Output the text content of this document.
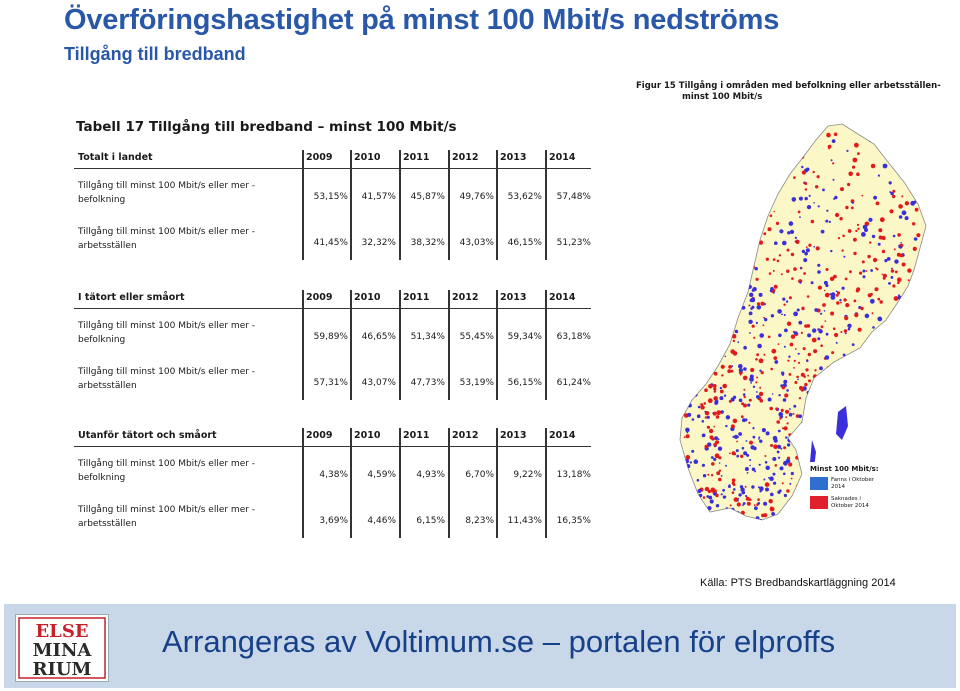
Överföringshastighet på minst 100 Mbit/s nedströms
Tillgång till bredband
Tabell 17 Tillgång till bredband – minst 100 Mbit/s
Totalt i landet	2009 2010 2011 2012 2013 2014
Tillgång till minst 100 Mbit/s eller mer -
befolkning	53,15%	41,57%	45,87%	49,76%	53,62%	57,48%
Tillgång till minst 100 Mbit/s eller mer -
arbetsställen	41,45%	32,32%	38,32%	43,03%	46,15%	51,23%
I tätort eller småort	2009 2010 2011 2012 2013 2014
Tillgång till minst 100 Mbit/s eller mer -
befolkning	59,89%	46,65%	51,34%	55,45%	59,34%	63,18%
Tillgång till minst 100 Mbit/s eller mer -
arbetsställen	57,31%	43,07%	47,73%	53,19%	56,15%	61,24%
Utanför tätort och småort	2009 2010 2011 2012 2013 2014
Tillgång till minst 100 Mbit/s eller mer -
befolkning	4,38%	4,59%	4,93%	6,70%	9,22%	13,18%
Tillgång till minst 100 Mbit/s eller mer -
arbetsställen	3,69%	4,46%	6,15%	8,23%	11,43%	16,35%
Figur 15 Tillgång i områden med befolkning eller arbetsställen-
minst 100 Mbit/s
Minst 100 Mbit/s:
Fanns i Oktober
2014
Saknades i
Oktober 2014
Källa: PTS Bredbandskartläggning 2014
ELSE
MINA
RIUM
Arrangeras av Voltimum.se – portalen för elproffs
